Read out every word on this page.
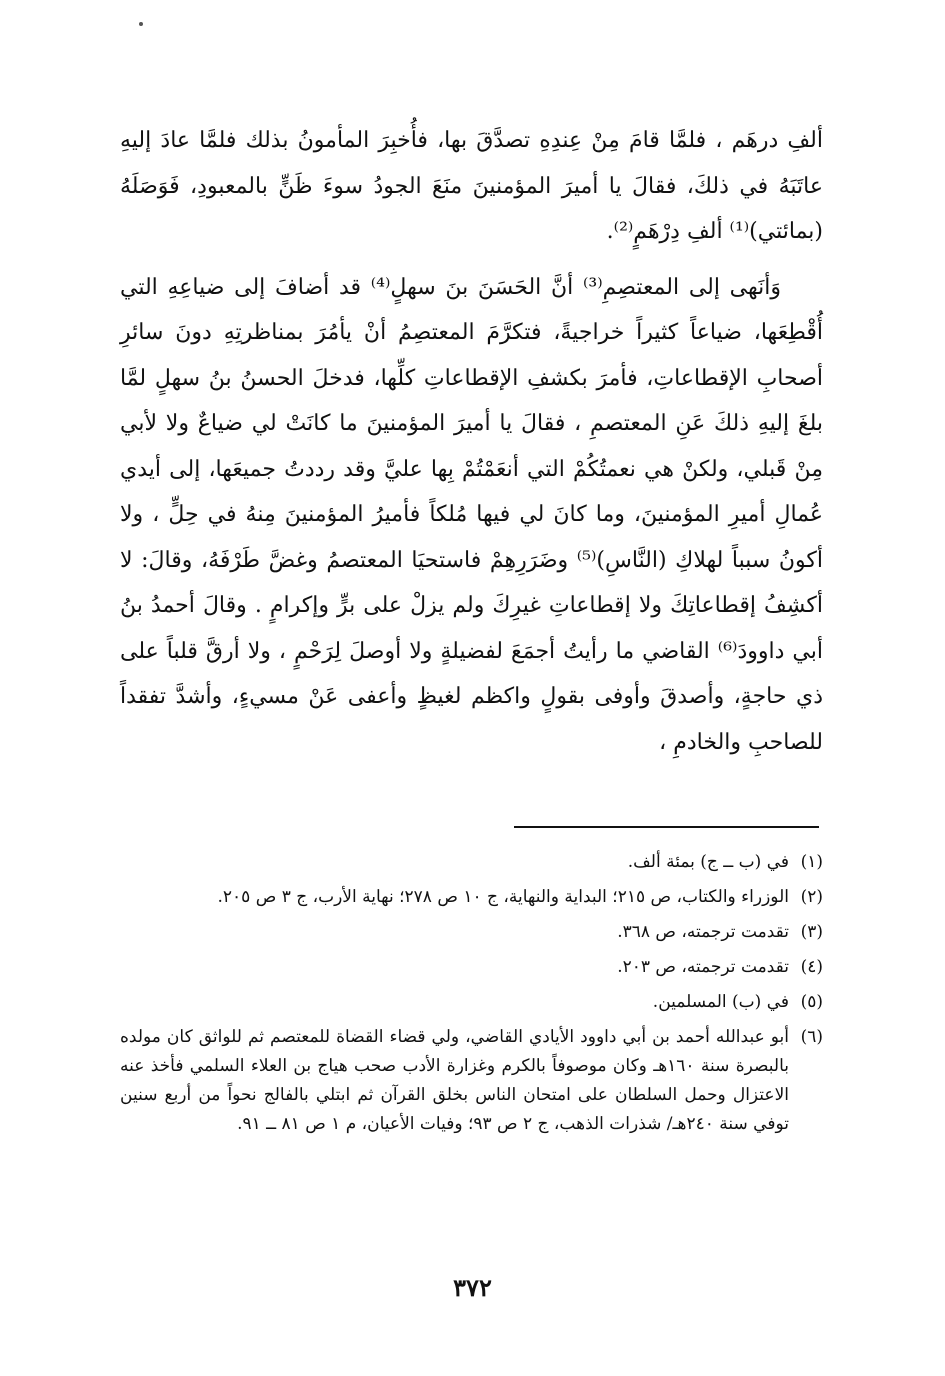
ألفِ درهَم ، فلمَّا قامَ مِنْ عِندِهِ تصدَّقَ بها، فأُخبِرَ المأمونُ بذلك فلمَّا عادَ إليهِ عاتَبَهُ في ذلكَ، فقالَ يا أميرَ المؤمنينَ منَعَ الجودُ سوءَ ظَنٍّ بالمعبودِ، فَوَصَلَهُ (بمائتي)⁽¹⁾ ألفِ دِرْهَمٍ⁽²⁾.

وَأنَهى إلى المعتصِمِ⁽³⁾ أنَّ الحَسَنَ بنَ سهلٍ⁽⁴⁾ قد أضافَ إلى ضياعِهِ التي أُقْطِعَها، ضياعاً كثيراً خراجيةً، فتكرَّمَ المعتصِمُ أنْ يأمُرَ بمناظرتِهِ دونَ سائرِ أصحابِ الإقطاعاتِ، فأمرَ بكشفِ الإقطاعاتِ كلِّها، فدخلَ الحسنُ بنُ سهلٍ لمَّا بلغَ إليهِ ذلكَ عَنِ المعتصمِ ، فقالَ يا أميرَ المؤمنينَ ما كانَتْ لي ضياعٌ ولا لأبي مِنْ قَبلي، ولكنْ هي نعمتُكُمْ التي أنعَمْتُمْ بِها عليَّ وقد رددتُ جميعَها، إلى أيدي عُمالِ أميرِ المؤمنينَ، وما كانَ لي فيها مُلكاً فأميرُ المؤمنينَ مِنهُ في حِلٍّ ، ولا أكونُ سبباً لهلاكِ (النَّاسِ)⁽⁵⁾ وضَرَرِهِمْ فاستحيَا المعتصمُ وغضَّ طَرْفَهُ، وقالَ: لا أكشِفُ إقطاعاتِكَ ولا إقطاعاتِ غيرِكَ ولم يزلْ على برٍّ وإكرامٍ . وقالَ أحمدُ بنُ أبي داوودَ⁽⁶⁾ القاضي ما رأيتُ أجمَعَ لفضيلةٍ ولا أوصلَ لِرَحْمٍ ، ولا أرقَّ قلباً على ذي حاجةٍ، وأصدقَ وأوفى بقولٍ واكظم لغيظٍ وأعفى عَنْ مسيءٍ، وأشدَّ تفقداً للصاحبِ والخادمِ ،

(١)
في (ب ــ ج) بمئة ألف.
(٢)
الوزراء والكتاب، ص ٢١٥؛ البداية والنهاية، ج ١٠ ص ٢٧٨؛ نهاية الأرب، ج ٣ ص ٢٠٥.
(٣)
تقدمت ترجمته، ص ٣٦٨.
(٤)
تقدمت ترجمته، ص ٢٠٣.
(٥)
في (ب) المسلمين.
(٦)
أبو عبدالله أحمد بن أبي داوود الأيادي القاضي، ولي قضاء القضاة للمعتصم ثم للواثق كان مولده بالبصرة سنة ١٦٠هـ وكان موصوفاً بالكرم وغزارة الأدب صحب هياج بن العلاء السلمي فأخذ عنه الاعتزال وحمل السلطان على امتحان الناس بخلق القرآن ثم ابتلي بالفالج نحواً من أربع سنين توفي سنة ٢٤٠هـ/ شذرات الذهب، ج ٢ ص ٩٣؛ وفيات الأعيان، م ١ ص ٨١ ــ ٩١.
٣٧٢
